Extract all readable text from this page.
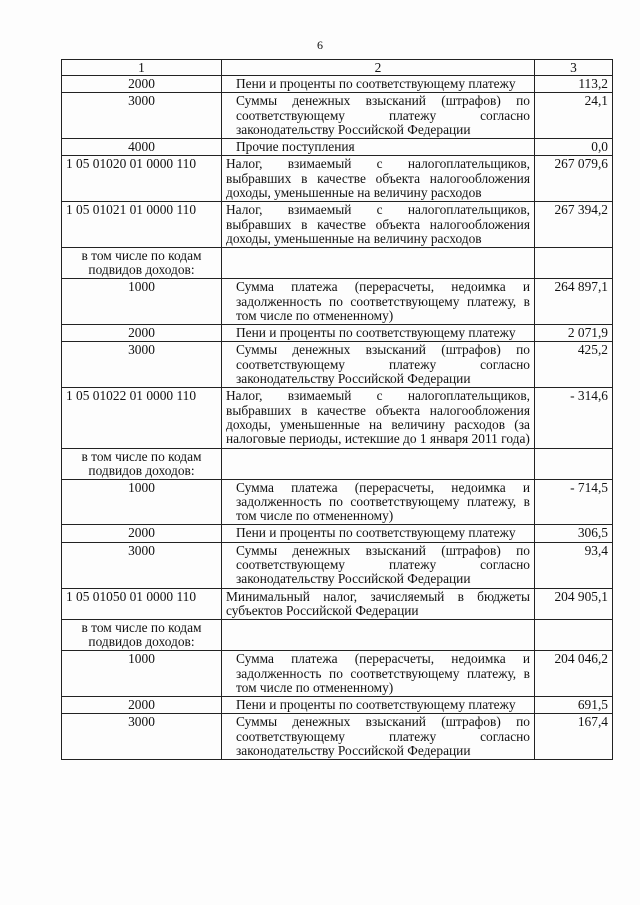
6
1	2	3
2000	Пени и проценты по соответствующему платежу	113,2
3000	Суммы денежных взысканий (штрафов) по соответствующему платежу согласно законодательству Российской Федерации	24,1
4000	Прочие поступления	0,0
1 05 01020 01 0000 110	Налог, взимаемый с налогоплательщиков, выбравших в качестве объекта налогообложения доходы, уменьшенные на величину расходов	267 079,6
1 05 01021 01 0000 110	Налог, взимаемый с налогоплательщиков, выбравших в качестве объекта налогообложения доходы, уменьшенные на величину расходов	267 394,2
в том числе по кодам подвидов доходов:		
1000	Сумма платежа (перерасчеты, недоимка и задолженность по соответствующему платежу, в том числе по отмененному)	264 897,1
2000	Пени и проценты по соответствующему платежу	2 071,9
3000	Суммы денежных взысканий (штрафов) по соответствующему платежу согласно законодательству Российской Федерации	425,2
1 05 01022 01 0000 110	Налог, взимаемый с налогоплательщиков, выбравших в качестве объекта налогообложения доходы, уменьшенные на величину расходов (за налоговые периоды, истекшие до 1 января 2011 года)	- 314,6
в том числе по кодам подвидов доходов:		
1000	Сумма платежа (перерасчеты, недоимка и задолженность по соответствующему платежу, в том числе по отмененному)	- 714,5
2000	Пени и проценты по соответствующему платежу	306,5
3000	Суммы денежных взысканий (штрафов) по соответствующему платежу согласно законодательству Российской Федерации	93,4
1 05 01050 01 0000 110	Минимальный налог, зачисляемый в бюджеты субъектов Российской Федерации	204 905,1
в том числе по кодам подвидов доходов:		
1000	Сумма платежа (перерасчеты, недоимка и задолженность по соответствующему платежу, в том числе по отмененному)	204 046,2
2000	Пени и проценты по соответствующему платежу	691,5
3000	Суммы денежных взысканий (штрафов) по соответствующему платежу согласно законодательству Российской Федерации	167,4
